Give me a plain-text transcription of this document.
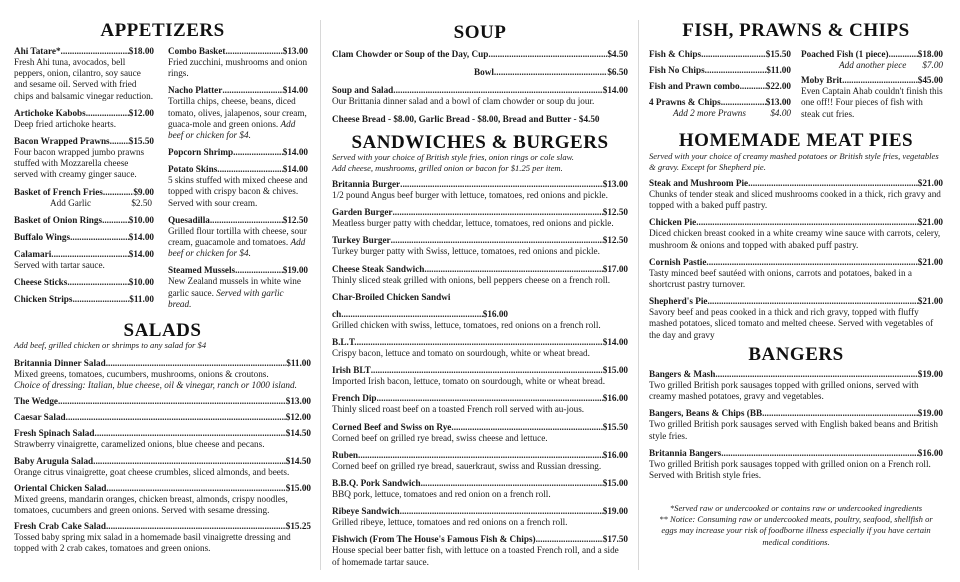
APPETIZERS
Ahi Tatare* .....	$18.00
Fresh Ahi tuna, avocados, bell peppers, onion, cilantro, soy sauce and sesame oil. Served with fried chips and balsamic vinegar reduction.
Artichoke Kabobs .....	$12.00
Deep fried artichoke hearts.
Bacon Wrapped Prawns ..... $15.50
Four bacon wrapped jumbo prawns stuffed with Mozzarella cheese served with creamy ginger sauce.
Basket of French Fries .....	$9.00
Add Garlic	$2.50
Basket of Onion Rings .....	$10.00
Buffalo Wings .....	$14.00
Calamari .....	$14.00
Served with tartar sauce.
Cheese Sticks .....	$10.00
Chicken Strips .....	$11.00
Combo Basket .....	$13.00
Fried zucchini, mushrooms and onion rings.
Nacho Platter .....	$14.00
Tortilla chips, cheese, beans, diced tomato, olives, jalapenos, sour cream, guaca-mole and green onions. Add beef or chicken for $4.
Popcorn Shrimp .....	$14.00
Potato Skins .....	$14.00
5 skins stuffed with mixed cheese and topped with crispy bacon & chives. Served with sour cream.
Quesadilla .....	$12.50
Grilled flour tortilla with cheese, sour cream, guacamole and tomatoes. Add beef or chicken for $4.
Steamed Mussels .....	$19.00
New Zealand mussels in white wine garlic sauce. Served with garlic bread.
SALADS
Add beef, grilled chicken or shrimps to any salad for $4
Britannia Dinner Salad .....	$11.00
Mixed greens, tomatoes, cucumbers, mushrooms, onions & croutons.
Choice of dressing: Italian, blue cheese, oil & vinegar, ranch or 1000 island.
The Wedge .....	$13.00
Caesar Salad .....	$12.00
Fresh Spinach Salad .....	$14.50
Strawberry vinaigrette, caramelized onions, blue cheese and pecans.
Baby Arugula Salad .....	$14.50
Orange citrus vinaigrette, goat cheese crumbles, sliced almonds, and beets.
Oriental Chicken Salad .....	$15.00
Mixed greens, mandarin oranges, chicken breast, almonds, crispy noodles, tomatoes, cucumbers and green onions. Served with sesame dressing.
Fresh Crab Cake Salad .....	$15.25
Tossed baby spring mix salad in a homemade basil vinaigrette dressing and topped with 2 crab cakes, tomatoes and green onions.
SOUP
Clam Chowder or Soup of the Day, Cup .....	$4.50
Bowl .....	$6.50
Soup and Salad .....	$14.00
Our Brittania dinner salad and a bowl of clam chowder or soup du jour.
Cheese Bread - $8.00, Garlic Bread - $8.00, Bread and Butter - $4.50
SANDWICHES & BURGERS
Served with your choice of British style fries, onion rings or cole slaw.
Add cheese, mushrooms, grilled onion or bacon for $1.25 per item.
Britannia Burger .....	$13.00
1/2 pound Angus beef burger with lettuce, tomatoes, red onions and pickle.
Garden Burger .....	$12.50
Meatless burger patty with cheddar, lettuce, tomatoes, red onions and pickle.
Turkey Burger .....	$12.50
Turkey burger patty with Swiss, lettuce, tomatoes, red onions and pickle.
Cheese Steak Sandwich .....	$17.00
Thinly sliced steak grilled with onions, bell peppers cheese on a french roll.
Char-Broiled Chicken Sandwi
ch .....	$16.00
Grilled chicken with swiss, lettuce, tomatoes, red onions on a french roll.
B.L.T. .....	$14.00
Crispy bacon, lettuce and tomato on sourdough, white or wheat bread.
Irish BLT .....	$15.00
Imported Irish bacon, lettuce, tomato on sourdough, white or wheat bread.
French Dip .....	$16.00
Thinly sliced roast beef on a toasted French roll served with au-jous.
Corned Beef and Swiss on Rye .....	$15.50
Corned beef on grilled rye bread, swiss cheese and lettuce.
Ruben .....	$16.00
Corned beef on grilled rye bread, sauerkraut, swiss and Russian dressing.
B.B.Q. Pork Sandwich .....	$15.00
BBQ pork, lettuce, tomatoes and red onion on a french roll.
Ribeye Sandwich .....	$19.00
Grilled ribeye, lettuce, tomatoes and red onions on a french roll.
Fishwich (From The House's Famous Fish & Chips) .....	$17.50
House special beer batter fish, with lettuce on a toasted French roll, and a side of homemade tartar sauce.
FISH, PRAWNS & CHIPS
Fish & Chips .....	$15.50
Fish No Chips .....	$11.00
Fish and Prawn combo .....	$22.00
4 Prawns & Chips .....	$13.00
Add 2 more Prawns	$4.00
Poached Fish (1 piece) .....	$18.00
Add another piece $7.00
Moby Brit .....	$45.00
Even Captain Ahab couldn't finish this one off!! Four pieces of fish with steak cut fries.
HOMEMADE MEAT PIES
Served with your choice of creamy mashed potatoes or British style fries, vegetables & gravy. Except for Shepherd pie.
Steak and Mushroom Pie .....	$21.00
Chunks of tender steak and sliced mushrooms cooked in a thick, rich gravy and topped with a baked puff pastry.
Chicken Pie .....	$21.00
Diced chicken breast cooked in a white creamy wine sauce with carrots, celery, mushroom & onions and topped with abaked puff pastry.
Cornish Pastie .....	$21.00
Tasty minced beef sautéed with onions, carrots and potatoes, baked in a shortcrust pastry turnover.
Shepherd's Pie .....	$21.00
Savory beef and peas cooked in a thick and rich gravy, topped with fluffy mashed potatoes, sliced tomato and melted cheese. Served with vegetables of the day and gravy
BANGERS
Bangers & Mash .....	$19.00
Two grilled British pork sausages topped with grilled onions, served with creamy mashed potatoes, gravy and vegetables.
Bangers, Beans & Chips (BB .....	$19.00
Two grilled British pork sausages served with English baked beans and British style fries.
Britannia Bangers .....	$16.00
Two grilled British pork sausages topped with grilled onion on a French roll. Served with British style fries.
*Served raw or undercooked or contains raw or undercooked ingredients
** Notice: Consuming raw or undercooked meats, poultry, seafood, shellfish or eggs may increase your risk of foodborne illness especially if you have certain medical conditions.
